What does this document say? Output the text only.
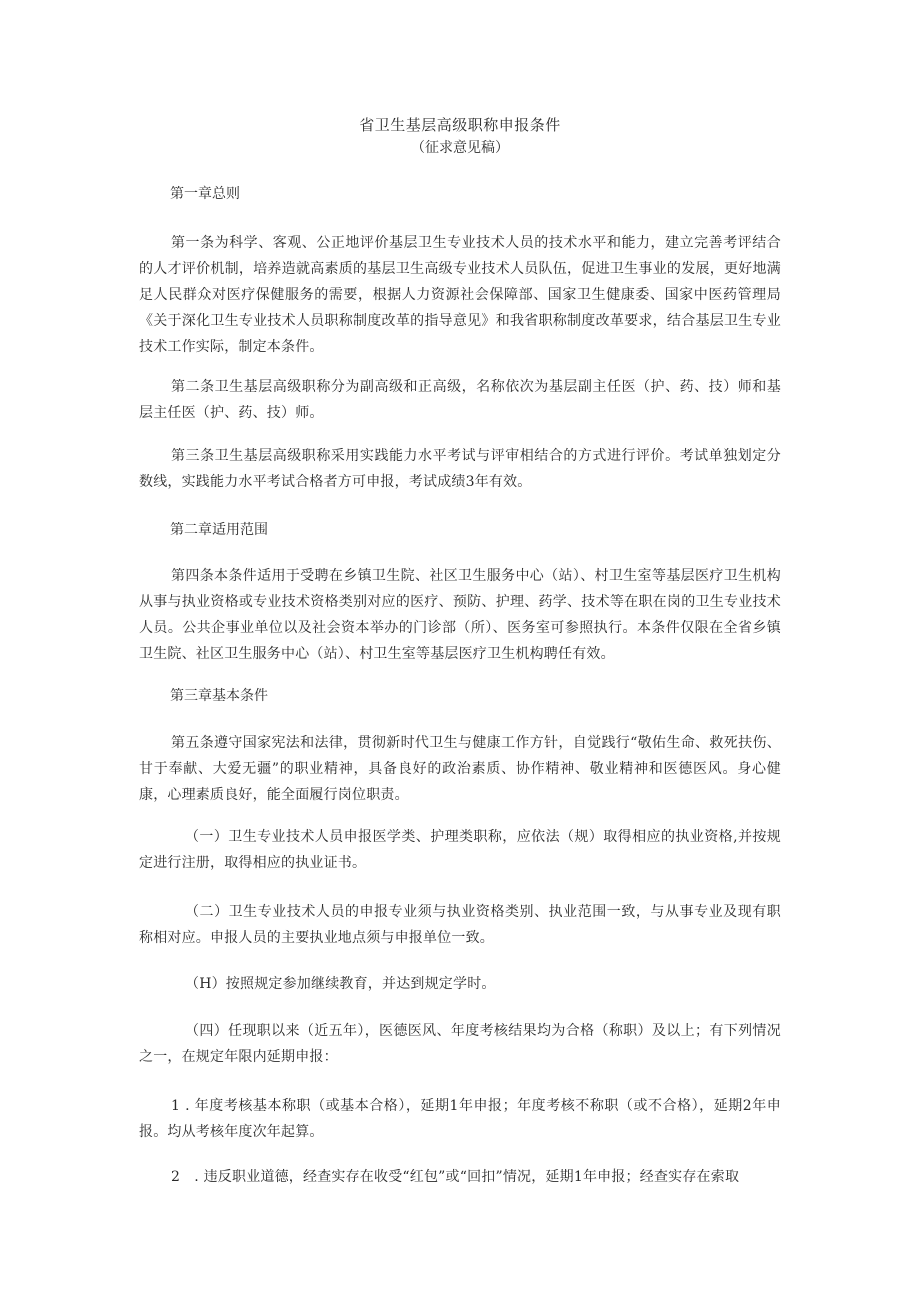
省卫生基层高级职称申报条件
（征求意见稿）
第一章总则
第一条为科学、客观、公正地评价基层卫生专业技术人员的技术水平和能力，建立完善考评结合的人才评价机制，培养造就高素质的基层卫生高级专业技术人员队伍，促进卫生事业的发展，更好地满足人民群众对医疗保健服务的需要，根据人力资源社会保障部、国家卫生健康委、国家中医药管理局《关于深化卫生专业技术人员职称制度改革的指导意见》和我省职称制度改革要求，结合基层卫生专业技术工作实际，制定本条件。
第二条卫生基层高级职称分为副高级和正高级，名称依次为基层副主任医（护、药、技）师和基层主任医（护、药、技）师。
第三条卫生基层高级职称采用实践能力水平考试与评审相结合的方式进行评价。考试单独划定分数线，实践能力水平考试合格者方可申报，考试成绩3年有效。
第二章适用范围
第四条本条件适用于受聘在乡镇卫生院、社区卫生服务中心（站）、村卫生室等基层医疗卫生机构从事与执业资格或专业技术资格类别对应的医疗、预防、护理、药学、技术等在职在岗的卫生专业技术人员。公共企事业单位以及社会资本举办的门诊部（所）、医务室可参照执行。本条件仅限在全省乡镇卫生院、社区卫生服务中心（站）、村卫生室等基层医疗卫生机构聘任有效。
第三章基本条件
第五条遵守国家宪法和法律，贯彻新时代卫生与健康工作方针，自觉践行“敬佑生命、救死扶伤、甘于奉献、大爱无疆”的职业精神，具备良好的政治素质、协作精神、敬业精神和医德医风。身心健康，心理素质良好，能全面履行岗位职责。
（一）卫生专业技术人员申报医学类、护理类职称，应依法（规）取得相应的执业资格,并按规定进行注册，取得相应的执业证书。
（二）卫生专业技术人员的申报专业须与执业资格类别、执业范围一致，与从事专业及现有职称相对应。申报人员的主要执业地点须与申报单位一致。
（H）按照规定参加继续教育，并达到规定学时。
（四）任现职以来（近五年），医德医风、年度考核结果均为合格（称职）及以上；有下列情况之一，在规定年限内延期申报：
1 . 年度考核基本称职（或基本合格），延期1年申报；年度考核不称职（或不合格），延期2年申报。均从考核年度次年起算。
2　. 违反职业道德，经查实存在收受“红包”或“回扣”情况，延期1年申报；经查实存在索取
